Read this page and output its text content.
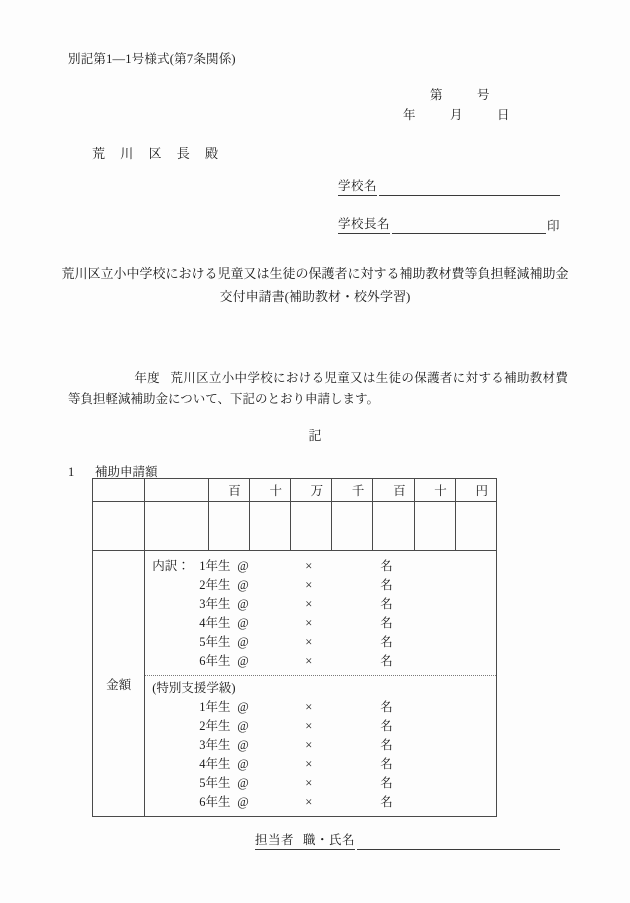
別記第1—1号様式(第7条関係)
第	号
年	月	日
荒 川 区 長 殿
学校名
学校長名	印
荒川区立小中学校における児童又は生徒の保護者に対する補助教材費等負担軽減補助金
交付申請書(補助教材・校外学習)
年度 荒川区立小中学校における児童又は生徒の保護者に対する補助教材費等負担軽減補助金について、下記のとおり申請します。
記
1 補助申請額
		百	十	万	千	百	十	円

金額	
内訳： 1年生 @	×	名
2年生 @	×	名
3年生 @	×	名
4年生 @	×	名
5年生 @	×	名
6年生 @	×	名
(特別支援学級)
1年生 @	×	名
2年生 @	×	名
3年生 @	×	名
4年生 @	×	名
5年生 @	×	名
6年生 @	×	名
担当者 職・氏名
